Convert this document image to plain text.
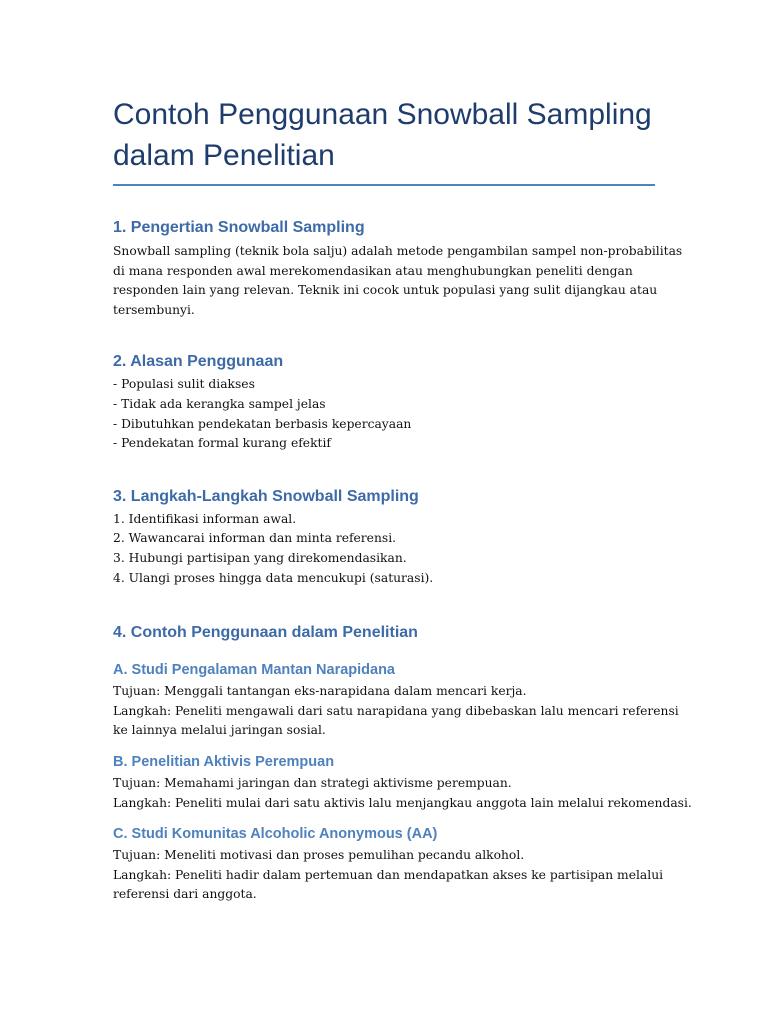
Contoh Penggunaan Snowball Sampling
dalam Penelitian
1. Pengertian Snowball Sampling

Snowball sampling (teknik bola salju) adalah metode pengambilan sampel non-probabilitas
di mana responden awal merekomendasikan atau menghubungkan peneliti dengan
responden lain yang relevan. Teknik ini cocok untuk populasi yang sulit dijangkau atau
tersembunyi.

2. Alasan Penggunaan

- Populasi sulit diakses
- Tidak ada kerangka sampel jelas
- Dibutuhkan pendekatan berbasis kepercayaan
- Pendekatan formal kurang efektif

3. Langkah-Langkah Snowball Sampling

1. Identifikasi informan awal.
2. Wawancarai informan dan minta referensi.
3. Hubungi partisipan yang direkomendasikan.
4. Ulangi proses hingga data mencukupi (saturasi).

4. Contoh Penggunaan dalam Penelitian
A. Studi Pengalaman Mantan Narapidana

Tujuan: Menggali tantangan eks-narapidana dalam mencari kerja.
Langkah: Peneliti mengawali dari satu narapidana yang dibebaskan lalu mencari referensi
ke lainnya melalui jaringan sosial.

B. Penelitian Aktivis Perempuan

Tujuan: Memahami jaringan dan strategi aktivisme perempuan.
Langkah: Peneliti mulai dari satu aktivis lalu menjangkau anggota lain melalui rekomendasi.

C. Studi Komunitas Alcoholic Anonymous (AA)

Tujuan: Meneliti motivasi dan proses pemulihan pecandu alkohol.
Langkah: Peneliti hadir dalam pertemuan dan mendapatkan akses ke partisipan melalui
referensi dari anggota.
